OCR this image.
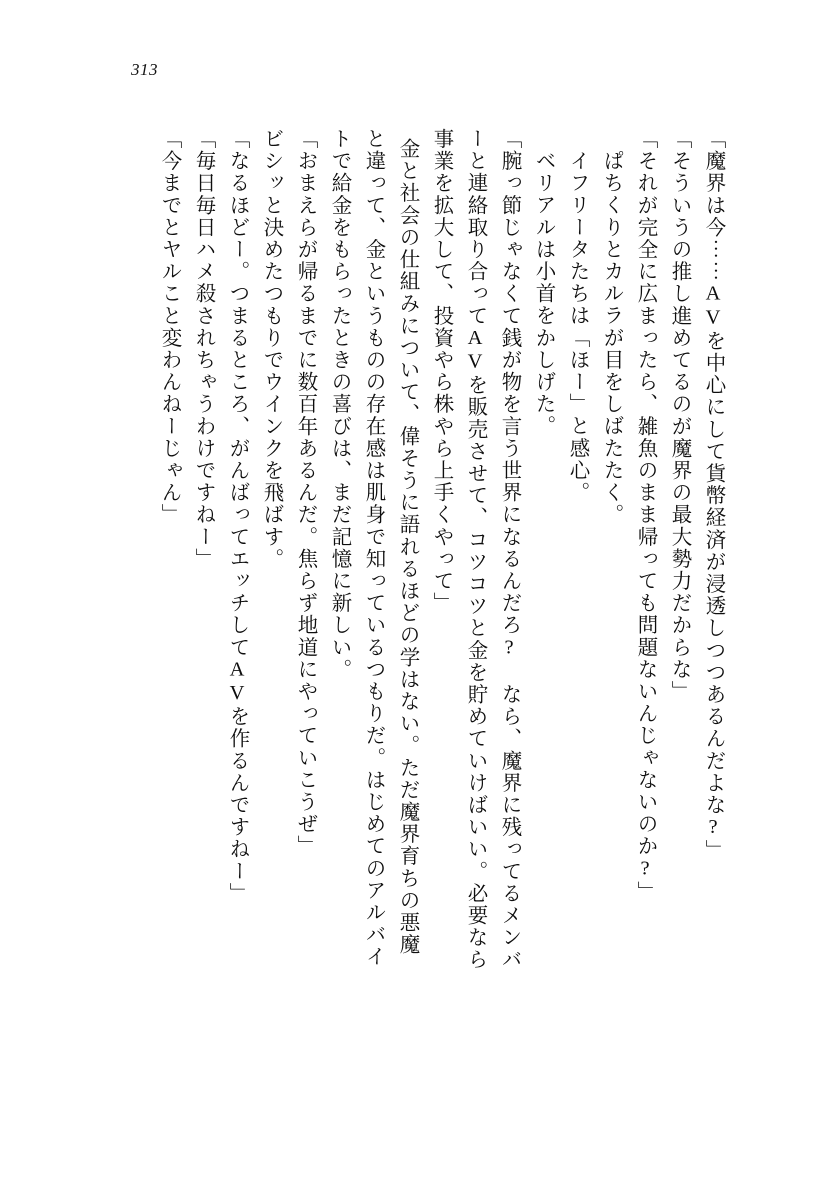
313
「魔界は今⋯⋯AVを中心にして貨幣経済が浸透しつつあるんだよな?」
「そういうの推し進めてるのが魔界の最大勢力だからな」
「それが完全に広まったら、雑魚のまま帰っても問題ないんじゃないのか?」
ぱちくりとカルラが目をしばたたく。
イフリータたちは「ほー」と感心。
ベリアルは小首をかしげた。
「腕っ節じゃなくて銭が物を言う世界になるんだろ? なら、魔界に残ってるメンバ
ーと連絡取り合ってAVを販売させて、コツコツと金を貯めていけばいい。必要なら
事業を拡大して、投資やら株やら上手くやって」
金と社会の仕組みについて、偉そうに語れるほどの学はない。ただ魔界育ちの悪魔
と違って、金というものの存在感は肌身で知っているつもりだ。はじめてのアルバイ
トで給金をもらったときの喜びは、まだ記憶に新しい。
「おまえらが帰るまでに数百年あるんだ。焦らず地道にやっていこうぜ」
ビシッと決めたつもりでウインクを飛ばす。
「なるほどー。つまるところ、がんばってエッチしてAVを作るんですねー」
「毎日毎日ハメ殺されちゃうわけですねー」
「今までとヤルこと変わんねーじゃん」
